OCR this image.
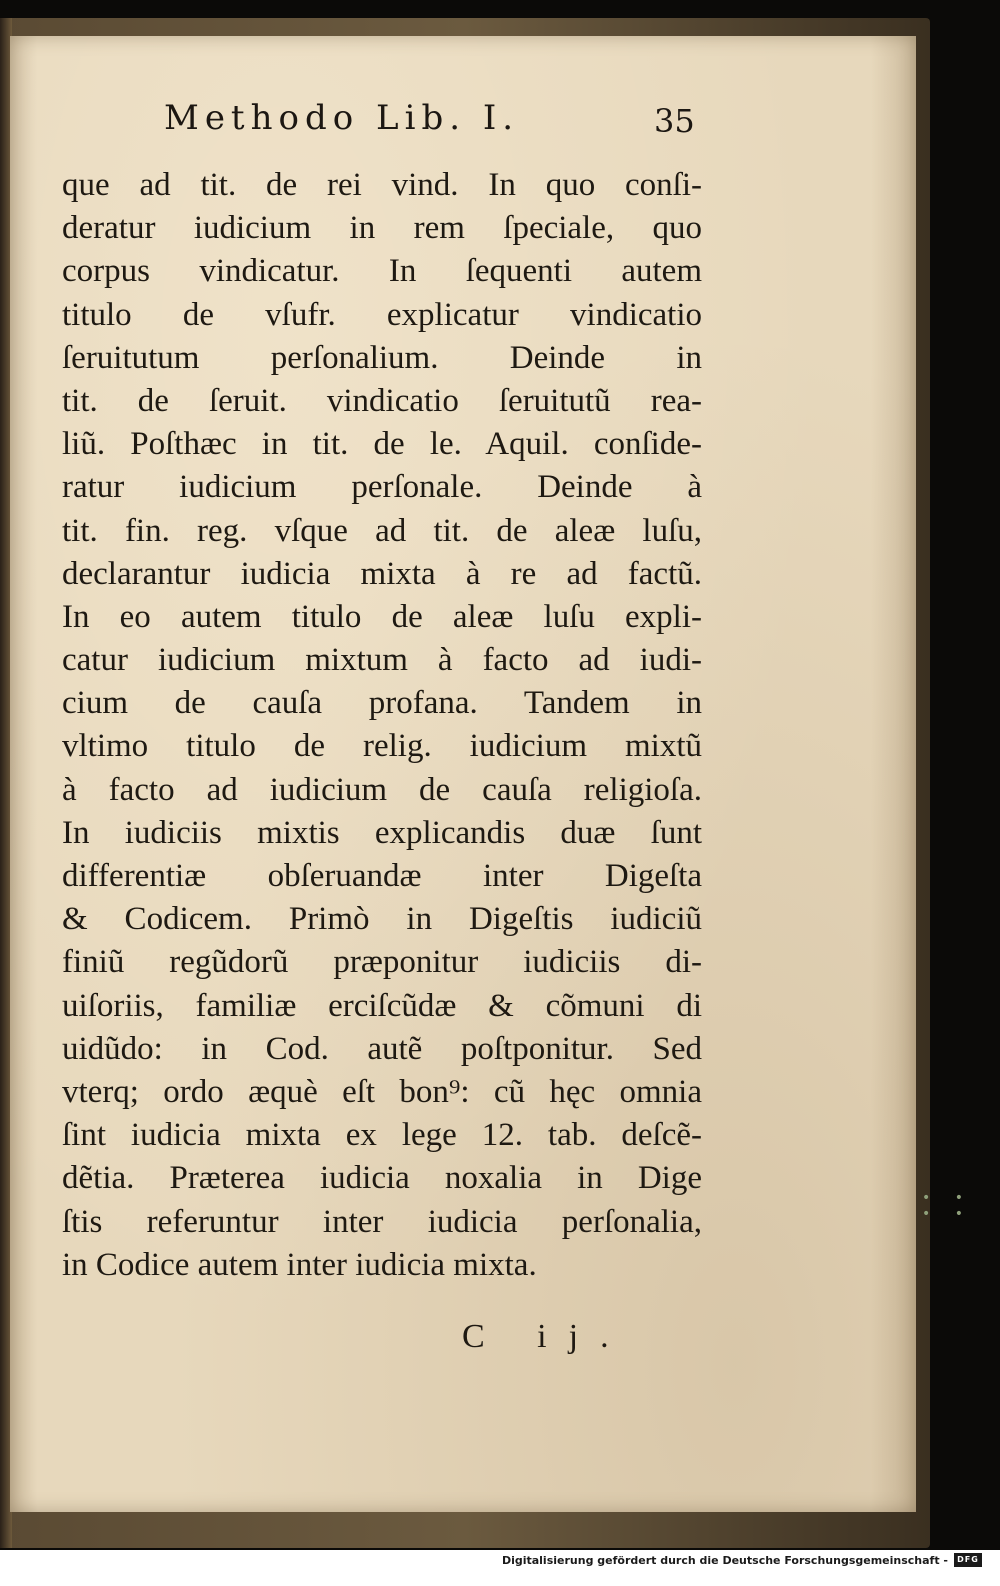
Methodo Lib. I.	35
que ad tit. de rei vind. In quo conſi-
deratur iudicium in rem ſpeciale, quo
corpus vindicatur. In ſequenti autem
titulo de vſufr. explicatur vindicatio
ſeruitutum perſonalium. Deinde in
tit. de ſeruit. vindicatio ſeruitutũ rea-
liũ. Poſthæc in tit. de le. Aquil. conſide-
ratur iudicium perſonale. Deinde à
tit. fin. reg. vſque ad tit. de aleæ luſu,
declarantur iudicia mixta à re ad factũ.
In eo autem titulo de aleæ luſu expli-
catur iudicium mixtum à facto ad iudi-
cium de cauſa profana. Tandem in
vltimo titulo de relig. iudicium mixtũ
à facto ad iudicium de cauſa religioſa.
In iudiciis mixtis explicandis duæ ſunt
differentiæ obſeruandæ inter Digeſta
& Codicem. Primò in Digeſtis iudiciũ
finiũ regũdorũ præponitur iudiciis di-
uiſoriis, familiæ erciſcũdæ & cõmuni di
uidũdo: in Cod. autẽ poſtponitur. Sed
vterq; ordo æquè eſt bon⁹: cũ hęc omnia
ſint iudicia mixta ex lege 12. tab. deſcẽ-
dẽtia. Præterea iudicia noxalia in Dige
ſtis referuntur inter iudicia perſonalia,
in Codice autem inter iudicia mixta.
C ij.
• • • •
Digitalisierung gefördert durch die Deutsche Forschungsgemeinschaft -	DFG
